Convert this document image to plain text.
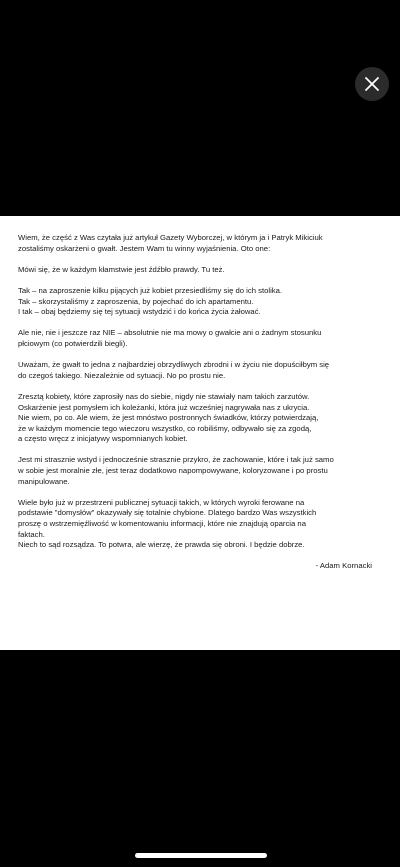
Wiem, że część z Was czytała już artykuł Gazety Wyborczej, w którym ja i Patryk Mikiciuk
zostaliśmy oskarżeni o gwałt. Jestem Wam tu winny wyjaśnienia. Oto one:

Mówi się, że w każdym kłamstwie jest źdźbło prawdy. Tu też.

Tak – na zaproszenie kilku pijących już kobiet przesiedliśmy się do ich stolika.
Tak – skorzystaliśmy z zaproszenia, by pojechać do ich apartamentu.
I tak – obaj będziemy się tej sytuacji wstydzić i do końca życia żałować.

Ale nie, nie i jeszcze raz NIE – absolutnie nie ma mowy o gwałcie ani o żadnym stosunku
płciowym (co potwierdzili biegli).

Uważam, że gwałt to jedna z najbardziej obrzydliwych zbrodni i w życiu nie dopuściłbym się
do czegoś takiego. Niezależnie od sytuacji. No po prostu nie.

Zresztą kobiety, które zaprosiły nas do siebie, nigdy nie stawiały nam takich zarzutów.
Oskarżenie jest pomysłem ich koleżanki, która już wcześniej nagrywała nas z ukrycia.
Nie wiem, po co. Ale wiem, że jest mnóstwo postronnych świadków, którzy potwierdzają,
że w każdym momencie tego wieczoru wszystko, co robiliśmy, odbywało się za zgodą,
a często wręcz z inicjatywy wspomnianych kobiet.

Jest mi strasznie wstyd i jednocześnie strasznie przykro, że zachowanie, które i tak już samo
w sobie jest moralnie złe, jest teraz dodatkowo napompowywane, koloryzowane i po prostu
manipulowane.

Wiele było już w przestrzeni publicznej sytuacji takich, w których wyroki ferowane na
podstawie "domysłów" okazywały się totalnie chybione. Dlatego bardzo Was wszystkich
proszę o wstrzemięźliwość w komentowaniu informacji, które nie znajdują oparcia na
faktach.
Niech to sąd rozsądza. To potwra, ale wierzę, że prawda się obroni. I będzie dobrze.

- Adam Kornacki
